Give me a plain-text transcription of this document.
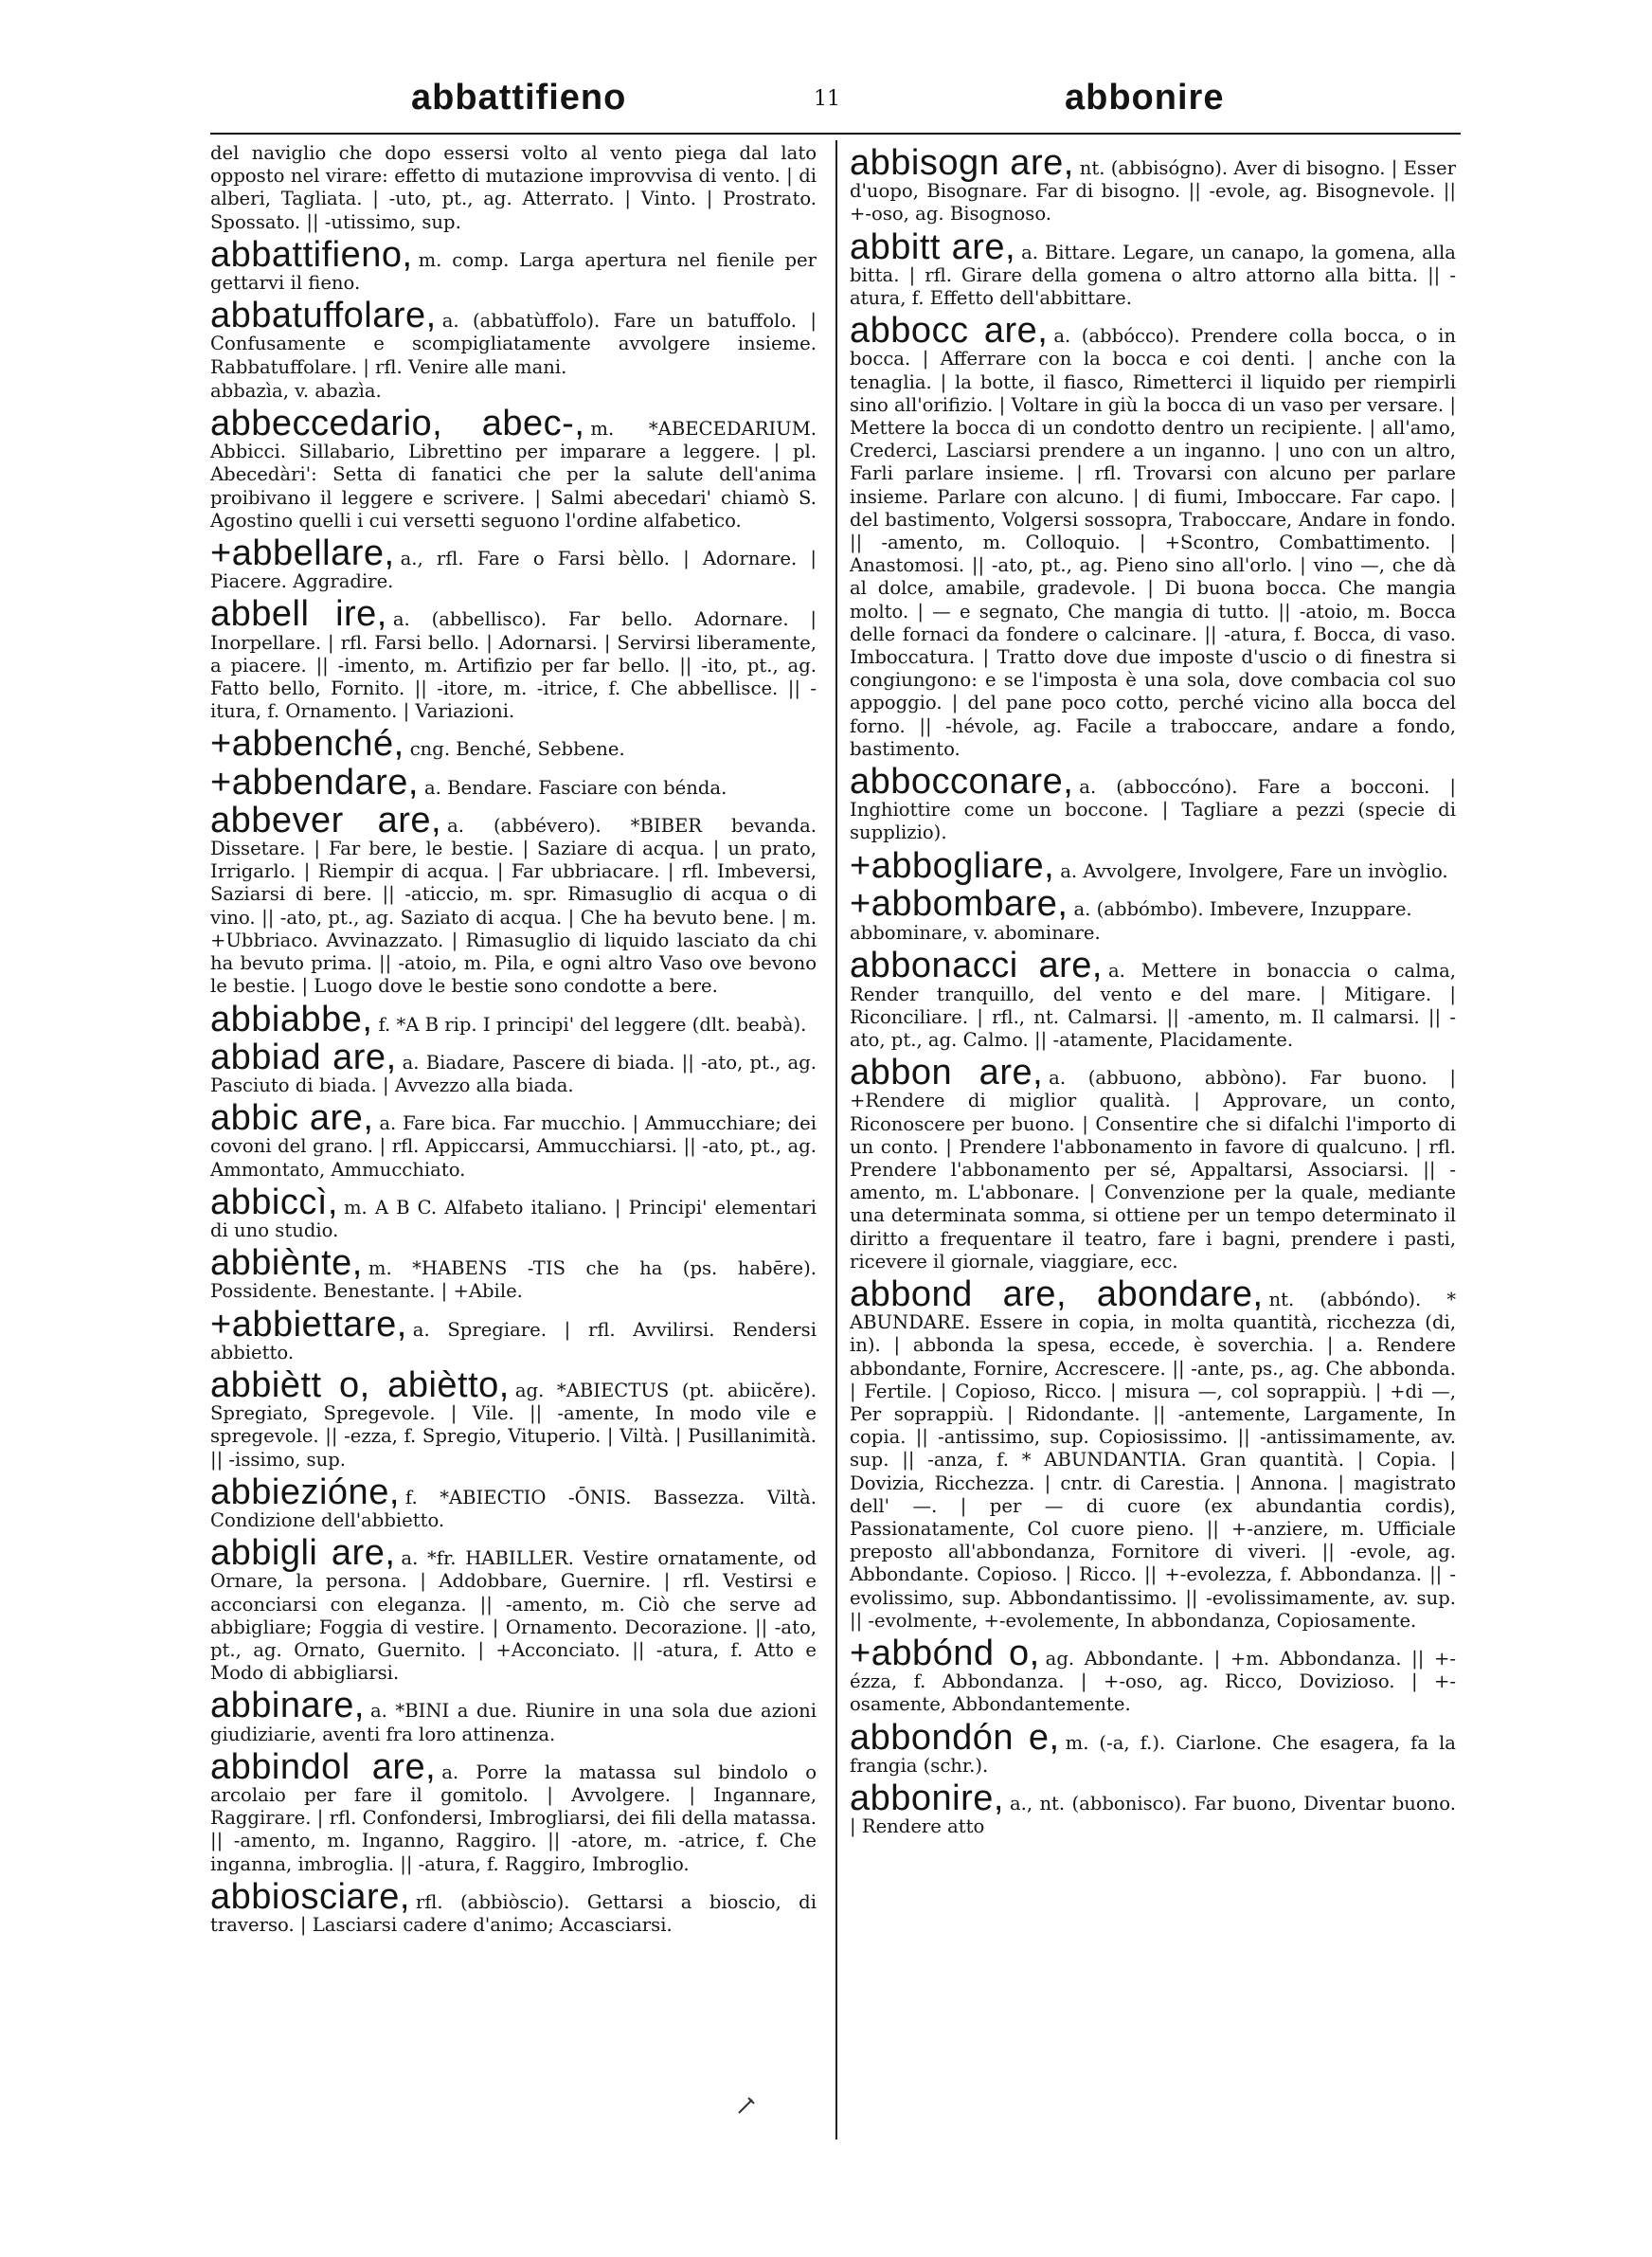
abbattifieno	11	abbonire
del naviglio che dopo essersi volto al vento piega dal lato opposto nel virare: effetto di mutazione improvvisa di vento. | di alberi, Tagliata. | -uto, pt., ag. Atterrato. | Vinto. | Prostrato. Spossato. || -utissimo, sup.
abbattifieno, m. comp. Larga apertura nel fienile per gettarvi il fieno.
abbatuffolare, a. (abbatùffolo). Fare un batuffolo. | Confusamente e scompigliatamente avvolgere insieme. Rabbatuffolare. | rfl. Venire alle mani.
abbazìa, v. abazìa.
abbeccedario, abec-, m. *ABECEDARIUM. Abbicci. Sillabario, Librettino per imparare a leggere. | pl. Abecedàri': Setta di fanatici che per la salute dell'anima proibivano il leggere e scrivere. | Salmi abecedari' chiamò S. Agostino quelli i cui versetti seguono l'ordine alfabetico.
+abbellare, a., rfl. Fare o Farsi bèllo. | Adornare. | Piacere. Aggradire.
abbell ire, a. (abbellisco). Far bello. Adornare. | Inorpellare. | rfl. Farsi bello. | Adornarsi. | Servirsi liberamente, a piacere. || -imento, m. Artifizio per far bello. || -ito, pt., ag. Fatto bello, Fornito. || -itore, m. -itrice, f. Che abbellisce. || -itura, f. Ornamento. | Variazioni.
+abbenché, cng. Benché, Sebbene.
+abbendare, a. Bendare. Fasciare con bénda.
abbever are, a. (abbévero). *BIBER bevanda. Dissetare. | Far bere, le bestie. | Saziare di acqua. | un prato, Irrigarlo. | Riempir di acqua. | Far ubbriacare. | rfl. Imbeversi, Saziarsi di bere. || -aticcio, m. spr. Rimasuglio di acqua o di vino. || -ato, pt., ag. Saziato di acqua. | Che ha bevuto bene. | m. +Ubbriaco. Avvinazzato. | Rimasuglio di liquido lasciato da chi ha bevuto prima. || -atoio, m. Pila, e ogni altro Vaso ove bevono le bestie. | Luogo dove le bestie sono condotte a bere.
abbiabbe, f. *A B rip. I principi' del leggere (dlt. beabà).
abbiad are, a. Biadare, Pascere di biada. || -ato, pt., ag. Pasciuto di biada. | Avvezzo alla biada.
abbic are, a. Fare bica. Far mucchio. | Ammucchiare; dei covoni del grano. | rfl. Appiccarsi, Ammucchiarsi. || -ato, pt., ag. Ammontato, Ammucchiato.
abbiccì, m. A B C. Alfabeto italiano. | Principi' elementari di uno studio.
abbiènte, m. *HABENS -TIS che ha (ps. habēre). Possidente. Benestante. | +Abile.
+abbiettare, a. Spregiare. | rfl. Avvilirsi. Rendersi abbietto.
abbiètt o, abiètto, ag. *ABIECTUS (pt. abiicĕre). Spregiato, Spregevole. | Vile. || -amente, In modo vile e spregevole. || -ezza, f. Spregio, Vituperio. | Viltà. | Pusillanimità. || -issimo, sup.
abbiezióne, f. *ABIECTIO -ŌNIS. Bassezza. Viltà. Condizione dell'abbietto.
abbigli are, a. *fr. HABILLER. Vestire ornatamente, od Ornare, la persona. | Addobbare, Guernire. | rfl. Vestirsi e acconciarsi con eleganza. || -amento, m. Ciò che serve ad abbigliare; Foggia di vestire. | Ornamento. Decorazione. || -ato, pt., ag. Ornato, Guernito. | +Acconciato. || -atura, f. Atto e Modo di abbigliarsi.
abbinare, a. *BINI a due. Riunire in una sola due azioni giudiziarie, aventi fra loro attinenza.
abbindol are, a. Porre la matassa sul bindolo o arcolaio per fare il gomitolo. | Avvolgere. | Ingannare, Raggirare. | rfl. Confondersi, Imbrogliarsi, dei fili della matassa. || -amento, m. Inganno, Raggiro. || -atore, m. -atrice, f. Che inganna, imbroglia. || -atura, f. Raggiro, Imbroglio.
abbiosciare, rfl. (abbiòscio). Gettarsi a bioscio, di traverso. | Lasciarsi cadere d'animo; Accasciarsi.
abbisogn are, nt. (abbisógno). Aver di bisogno. | Esser d'uopo, Bisognare. Far di bisogno. || -evole, ag. Bisognevole. || +-oso, ag. Bisognoso.
abbitt are, a. Bittare. Legare, un canapo, la gomena, alla bitta. | rfl. Girare della gomena o altro attorno alla bitta. || -atura, f. Effetto dell'abbittare.
abbocc are, a. (abbócco). Prendere colla bocca, o in bocca. | Afferrare con la bocca e coi denti. | anche con la tenaglia. | la botte, il fiasco, Rimetterci il liquido per riempirli sino all'orifizio. | Voltare in giù la bocca di un vaso per versare. | Mettere la bocca di un condotto dentro un recipiente. | all'amo, Crederci, Lasciarsi prendere a un inganno. | uno con un altro, Farli parlare insieme. | rfl. Trovarsi con alcuno per parlare insieme. Parlare con alcuno. | di fiumi, Imboccare. Far capo. | del bastimento, Volgersi sossopra, Traboccare, Andare in fondo. || -amento, m. Colloquio. | +Scontro, Combattimento. | Anastomosi. || -ato, pt., ag. Pieno sino all'orlo. | vino —, che dà al dolce, amabile, gradevole. | Di buona bocca. Che mangia molto. | — e segnato, Che mangia di tutto. || -atoio, m. Bocca delle fornaci da fondere o calcinare. || -atura, f. Bocca, di vaso. Imboccatura. | Tratto dove due imposte d'uscio o di finestra si congiungono: e se l'imposta è una sola, dove combacia col suo appoggio. | del pane poco cotto, perché vicino alla bocca del forno. || -hévole, ag. Facile a traboccare, andare a fondo, bastimento.
abbocconare, a. (abboccóno). Fare a bocconi. | Inghiottire come un boccone. | Tagliare a pezzi (specie di supplizio).
+abbogliare, a. Avvolgere, Involgere, Fare un invòglio.
+abbombare, a. (abbómbo). Imbevere, Inzuppare.
abbominare, v. abominare.
abbonacci are, a. Mettere in bonaccia o calma, Render tranquillo, del vento e del mare. | Mitigare. | Riconciliare. | rfl., nt. Calmarsi. || -amento, m. Il calmarsi. || -ato, pt., ag. Calmo. || -atamente, Placidamente.
abbon are, a. (abbuono, abbòno). Far buono. | +Rendere di miglior qualità. | Approvare, un conto, Riconoscere per buono. | Consentire che si difalchi l'importo di un conto. | Prendere l'abbonamento in favore di qualcuno. | rfl. Prendere l'abbonamento per sé, Appaltarsi, Associarsi. || -amento, m. L'abbonare. | Convenzione per la quale, mediante una determinata somma, si ottiene per un tempo determinato il diritto a frequentare il teatro, fare i bagni, prendere i pasti, ricevere il giornale, viaggiare, ecc.
abbond are, abondare, nt. (abbóndo). * ABUNDARE. Essere in copia, in molta quantità, ricchezza (di, in). | abbonda la spesa, eccede, è soverchia. | a. Rendere abbondante, Fornire, Accrescere. || -ante, ps., ag. Che abbonda. | Fertile. | Copioso, Ricco. | misura —, col soprappiù. | +di —, Per soprappiù. | Ridondante. || -antemente, Largamente, In copia. || -antissimo, sup. Copiosissimo. || -antissimamente, av. sup. || -anza, f. * ABUNDANTIA. Gran quantità. | Copia. | Dovizia, Ricchezza. | cntr. di Carestia. | Annona. | magistrato dell' —. | per — di cuore (ex abundantia cordis), Passionatamente, Col cuore pieno. || +-anziere, m. Ufficiale preposto all'abbondanza, Fornitore di viveri. || -evole, ag. Abbondante. Copioso. | Ricco. || +-evolezza, f. Abbondanza. || -evolissimo, sup. Abbondantissimo. || -evolissimamente, av. sup. || -evolmente, +-evolemente, In abbondanza, Copiosamente.
+abbónd o, ag. Abbondante. | +m. Abbondanza. || +-ézza, f. Abbondanza. | +-oso, ag. Ricco, Dovizioso. | +-osamente, Abbondantemente.
abbondón e, m. (-a, f.). Ciarlone. Che esagera, fa la frangia (schr.).
abbonire, a., nt. (abbonisco). Far buono, Diventar buono. | Rendere atto
